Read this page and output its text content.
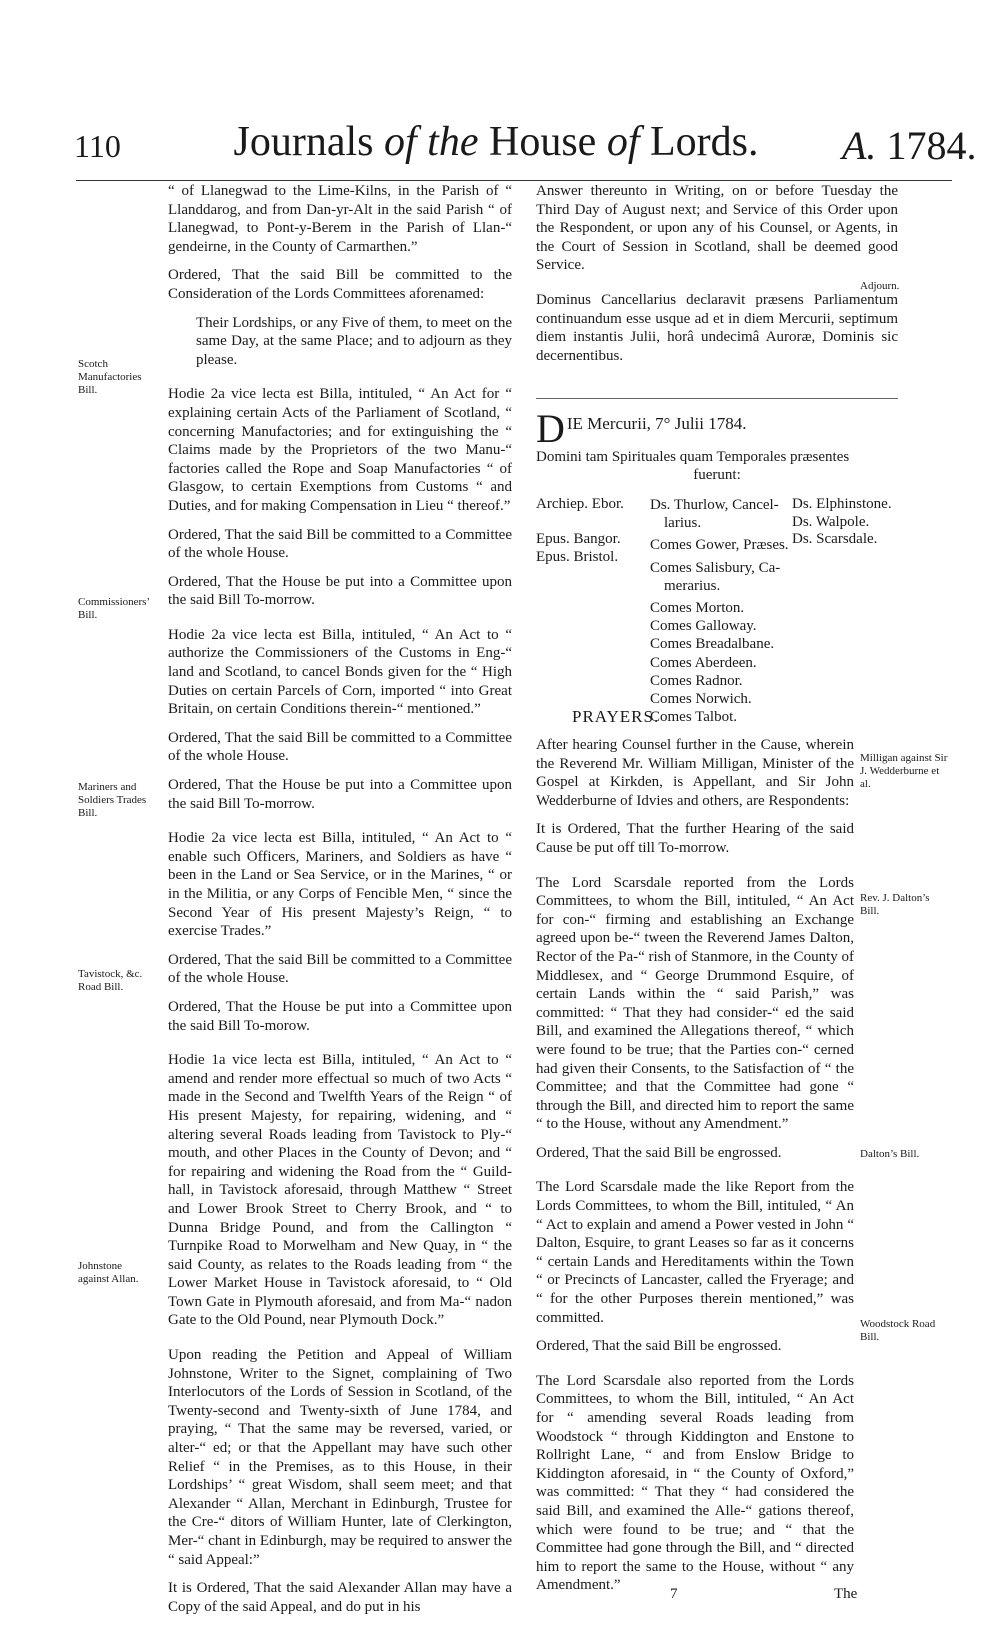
110	Journals of the House of Lords.	A. 1784.

“ of Llanegwad to the Lime-Kilns, in the Parish of “ Llanddarog, and from Dan-yr-Alt in the said Parish “ of Llanegwad, to Pont-y-Berem in the Parish of Llan-“ gendeirne, in the County of Carmarthen.”

Ordered, That the said Bill be committed to the Consideration of the Lords Committees aforenamed:

Their Lordships, or any Five of them, to meet on the same Day, at the same Place; and to adjourn as they please.

Hodie 2a vice lecta est Billa, intituled, “ An Act for “ explaining certain Acts of the Parliament of Scotland, “ concerning Manufactories; and for extinguishing the “ Claims made by the Proprietors of the two Manu-“ factories called the Rope and Soap Manufactories “ of Glasgow, to certain Exemptions from Customs “ and Duties, and for making Compensation in Lieu “ thereof.”

Ordered, That the said Bill be committed to a Committee of the whole House.

Ordered, That the House be put into a Committee upon the said Bill To-morrow.

Hodie 2a vice lecta est Billa, intituled, “ An Act to “ authorize the Commissioners of the Customs in Eng-“ land and Scotland, to cancel Bonds given for the “ High Duties on certain Parcels of Corn, imported “ into Great Britain, on certain Conditions therein-“ mentioned.”

Ordered, That the said Bill be committed to a Committee of the whole House.

Ordered, That the House be put into a Committee upon the said Bill To-morrow.

Hodie 2a vice lecta est Billa, intituled, “ An Act to “ enable such Officers, Mariners, and Soldiers as have “ been in the Land or Sea Service, or in the Marines, “ or in the Militia, or any Corps of Fencible Men, “ since the Second Year of His present Majesty’s Reign, “ to exercise Trades.”

Ordered, That the said Bill be committed to a Committee of the whole House.

Ordered, That the House be put into a Committee upon the said Bill To-morow.

Hodie 1a vice lecta est Billa, intituled, “ An Act to “ amend and render more effectual so much of two Acts “ made in the Second and Twelfth Years of the Reign “ of His present Majesty, for repairing, widening, and “ altering several Roads leading from Tavistock to Ply-“ mouth, and other Places in the County of Devon; and “ for repairing and widening the Road from the “ Guild-hall, in Tavistock aforesaid, through Matthew “ Street and Lower Brook Street to Cherry Brook, and “ to Dunna Bridge Pound, and from the Callington “ Turnpike Road to Morwelham and New Quay, in “ the said County, as relates to the Roads leading from “ the Lower Market House in Tavistock aforesaid, to “ Old Town Gate in Plymouth aforesaid, and from Ma-“ nadon Gate to the Old Pound, near Plymouth Dock.”

Upon reading the Petition and Appeal of William Johnstone, Writer to the Signet, complaining of Two Interlocutors of the Lords of Session in Scotland, of the Twenty-second and Twenty-sixth of June 1784, and praying, “ That the same may be reversed, varied, or alter-“ ed; or that the Appellant may have such other Relief “ in the Premises, as to this House, in their Lordships’ “ great Wisdom, shall seem meet; and that Alexander “ Allan, Merchant in Edinburgh, Trustee for the Cre-“ ditors of William Hunter, late of Clerkington, Mer-“ chant in Edinburgh, may be required to answer the “ said Appeal:”

It is Ordered, That the said Alexander Allan may have a Copy of the said Appeal, and do put in his

Scotch Manufactories Bill.
Commissioners’ Bill.
Mariners and Soldiers Trades Bill.
Tavistock, &c. Road Bill.
Johnstone against Allan.

Answer thereunto in Writing, on or before Tuesday the Third Day of August next; and Service of this Order upon the Respondent, or upon any of his Counsel, or Agents, in the Court of Session in Scotland, shall be deemed good Service.

Dominus Cancellarius declaravit præsens Parliamentum continuandum esse usque ad et in diem Mercurii, septimum diem instantis Julii, horâ undecimâ Auroræ, Dominis sic decernentibus.

DIE Mercurii, 7° Julii 1784.
Domini tam Spirituales quam Temporales præsentes
fuerunt:
Archiep. Ebor.
Epus. Bangor.
Epus. Bristol.
Ds. Thurlow, Cancel-
larius.
Comes Gower, Præses.
Comes Salisbury, Ca-
merarius.
Comes Morton.
Comes Galloway.
Comes Breadalbane.
Comes Aberdeen.
Comes Radnor.
Comes Norwich.
Comes Talbot.
Ds. Elphinstone.
Ds. Walpole.
Ds. Scarsdale.
PRAYERS.

After hearing Counsel further in the Cause, wherein the Reverend Mr. William Milligan, Minister of the Gospel at Kirkden, is Appellant, and Sir John Wedderburne of Idvies and others, are Respondents:

It is Ordered, That the further Hearing of the said Cause be put off till To-morrow.

The Lord Scarsdale reported from the Lords Committees, to whom the Bill, intituled, “ An Act for con-“ firming and establishing an Exchange agreed upon be-“ tween the Reverend James Dalton, Rector of the Pa-“ rish of Stanmore, in the County of Middlesex, and “ George Drummond Esquire, of certain Lands within the “ said Parish,” was committed: “ That they had consider-“ ed the said Bill, and examined the Allegations thereof, “ which were found to be true; that the Parties con-“ cerned had given their Consents, to the Satisfaction of “ the Committee; and that the Committee had gone “ through the Bill, and directed him to report the same “ to the House, without any Amendment.”

Ordered, That the said Bill be engrossed.

The Lord Scarsdale made the like Report from the Lords Committees, to whom the Bill, intituled, “ An “ Act to explain and amend a Power vested in John “ Dalton, Esquire, to grant Leases so far as it concerns “ certain Lands and Hereditaments within the Town “ or Precincts of Lancaster, called the Fryerage; and “ for the other Purposes therein mentioned,” was committed.

Ordered, That the said Bill be engrossed.

The Lord Scarsdale also reported from the Lords Committees, to whom the Bill, intituled, “ An Act for “ amending several Roads leading from Woodstock “ through Kiddington and Enstone to Rollright Lane, “ and from Enslow Bridge to Kiddington aforesaid, in “ the County of Oxford,” was committed: “ That they “ had considered the said Bill, and examined the Alle-“ gations thereof, which were found to be true; and “ that the Committee had gone through the Bill, and “ directed him to report the same to the House, without “ any Amendment.”

Adjourn.
Milligan against Sir J. Wedderburne et al.
Rev. J. Dalton’s Bill.
Dalton’s Bill.
Woodstock Road Bill.
7	The
